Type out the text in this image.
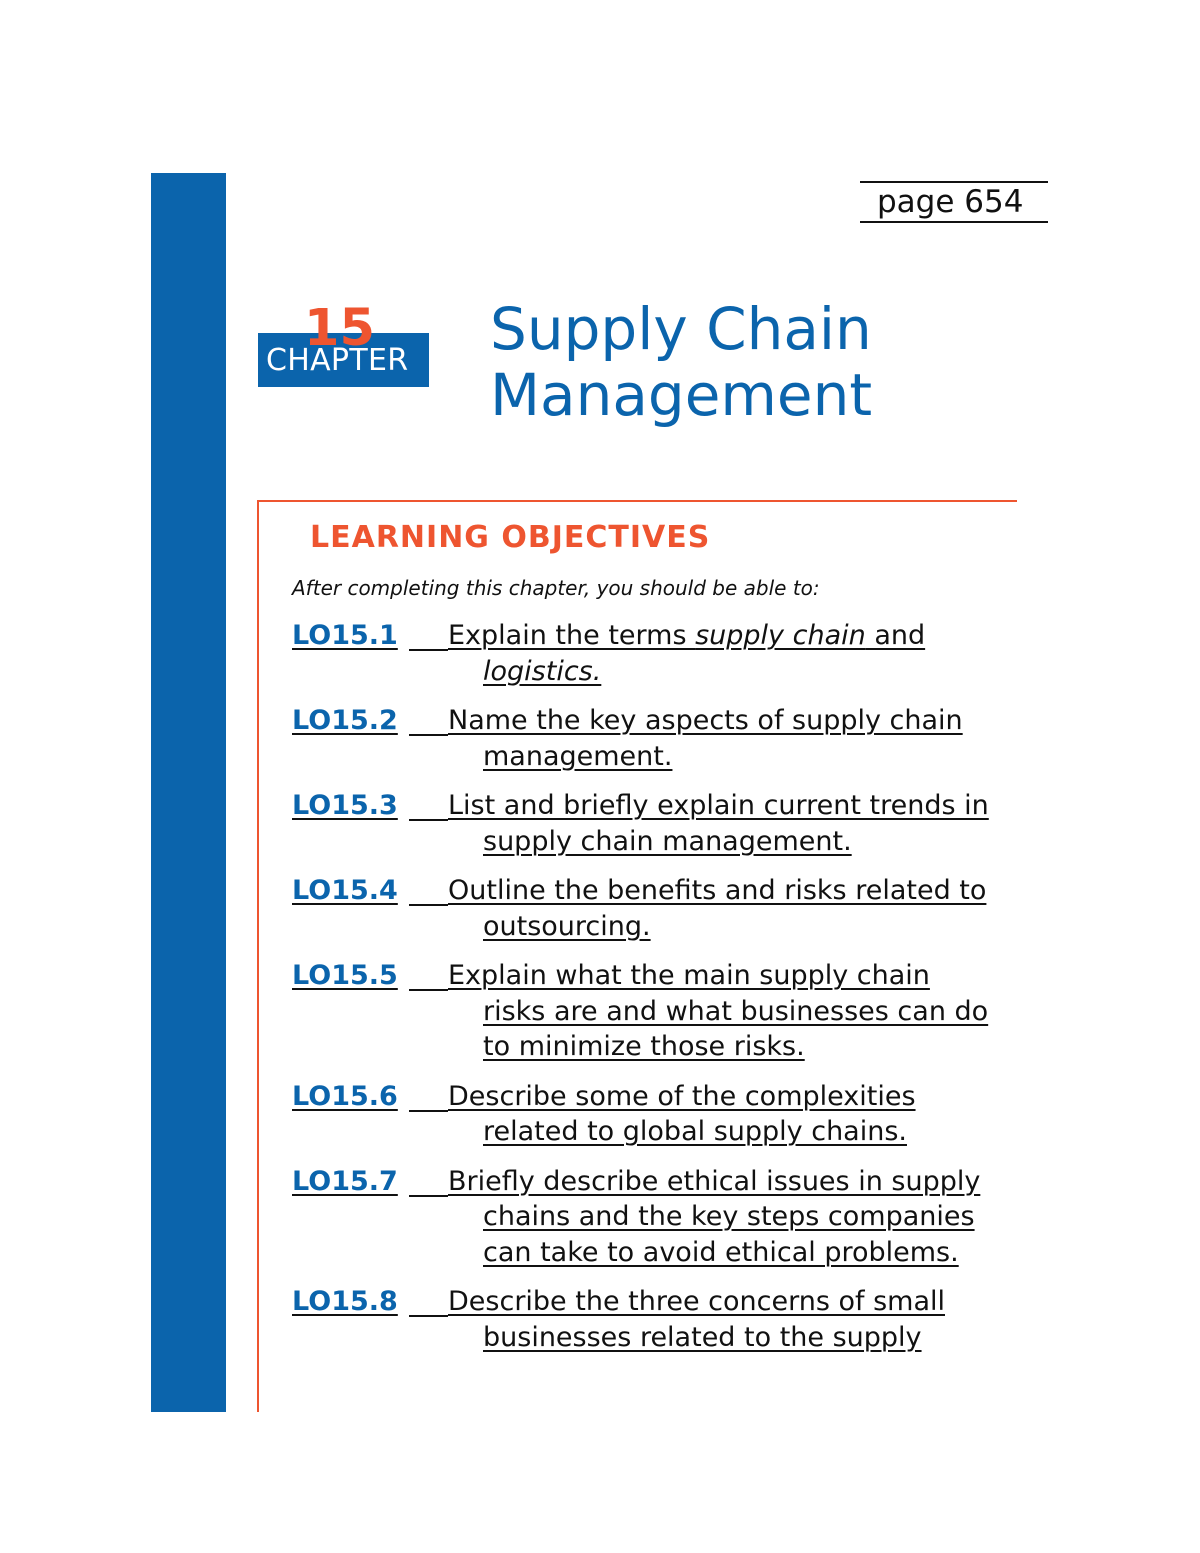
page 654
CHAPTER
15 Supply Chain
Management
LEARNING OBJECTIVES
After completing this chapter, you should be able to:
LO15.1	Explain the terms supply chain and logistics.
LO15.2	Name the key aspects of supply chain management.
LO15.3	List and briefly explain current trends in supply chain management.
LO15.4	Outline the benefits and risks related to outsourcing.
LO15.5	Explain what the main supply chain risks are and what businesses can do to minimize those risks.
LO15.6	Describe some of the complexities related to global supply chains.
LO15.7	Briefly describe ethical issues in supply chains and the key steps companies can take to avoid ethical problems.
LO15.8	Describe the three concerns of small businesses related to the supply
